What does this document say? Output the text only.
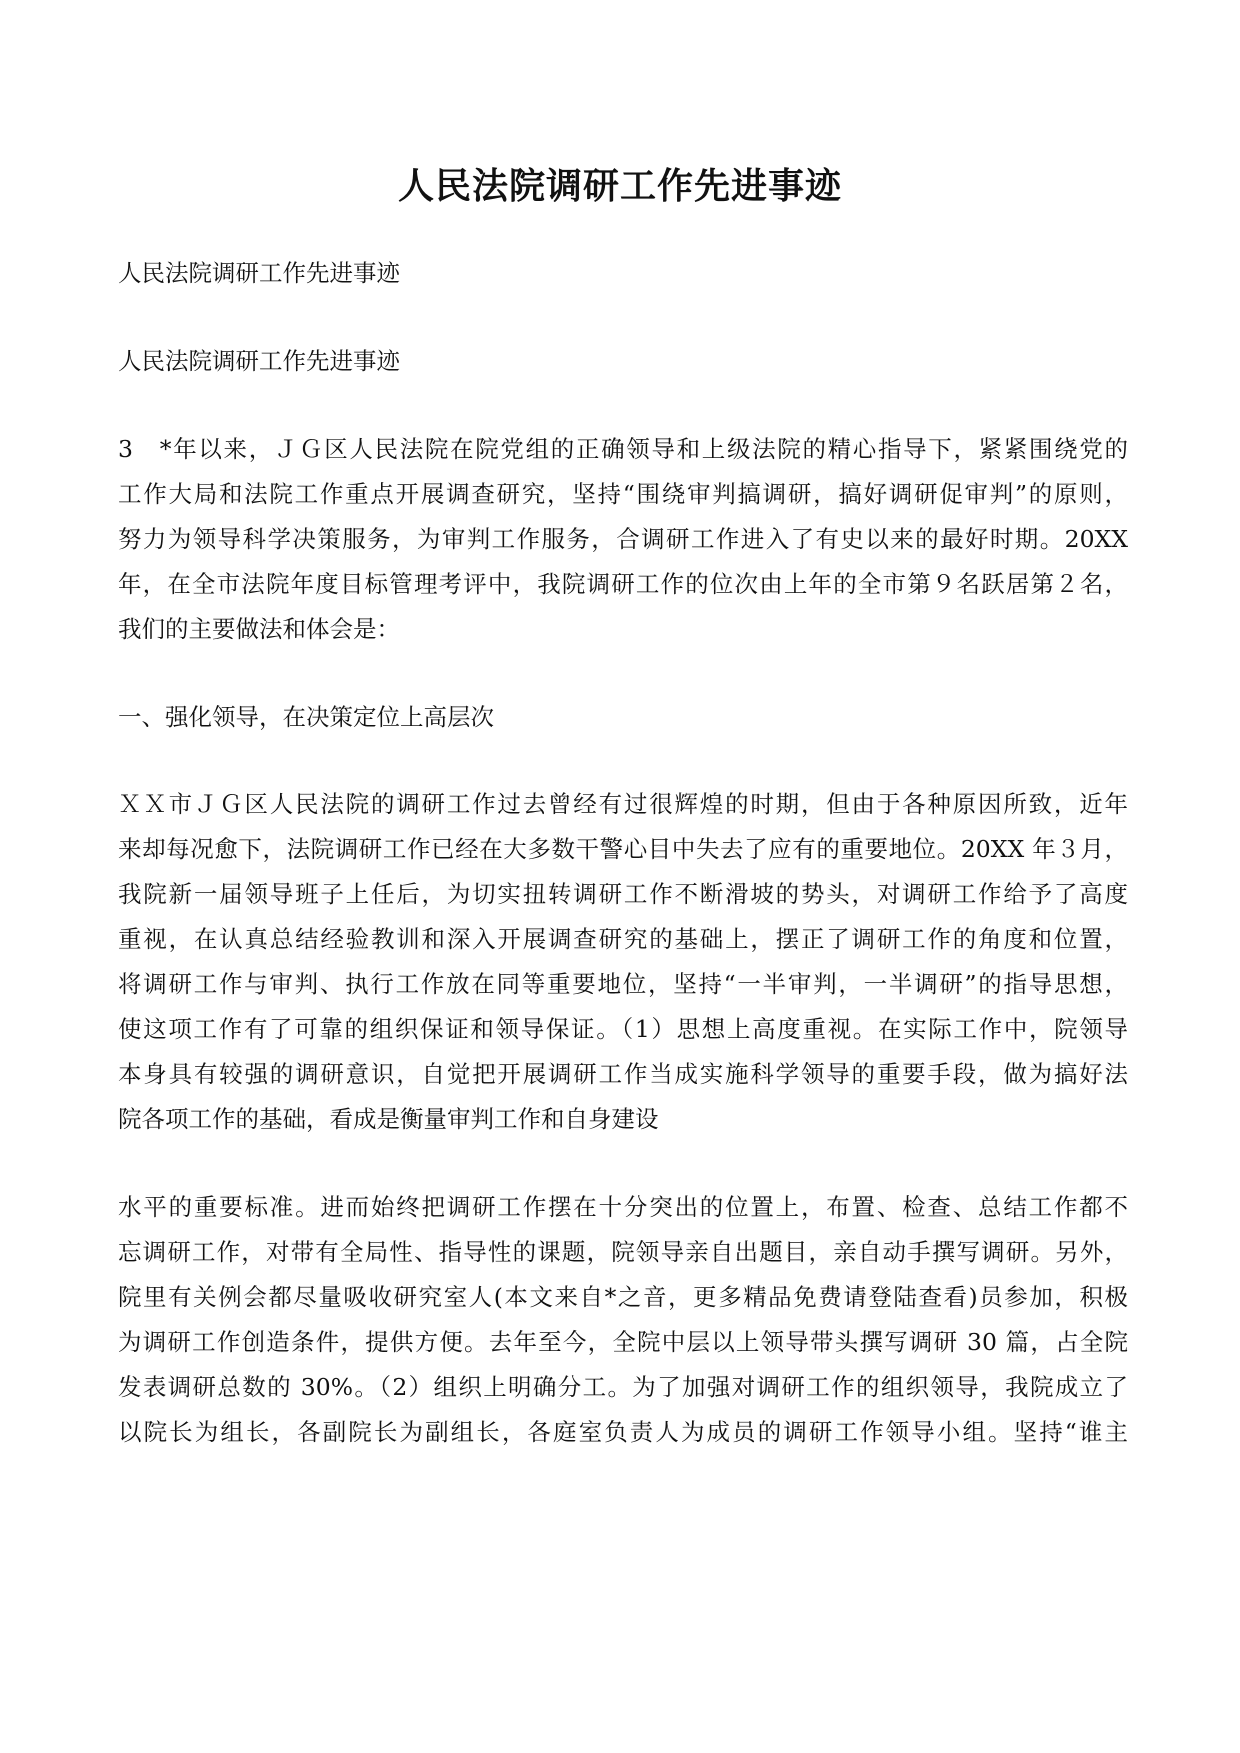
人民法院调研工作先进事迹

人民法院调研工作先进事迹

人民法院调研工作先进事迹

3　*年以来，ＪＧ区人民法院在院党组的正确领导和上级法院的精心指导下，紧紧围绕党的

工作大局和法院工作重点开展调查研究，坚持“围绕审判搞调研，搞好调研促审判”的原则，

努力为领导科学决策服务，为审判工作服务，合调研工作进入了有史以来的最好时期。20XX

年，在全市法院年度目标管理考评中，我院调研工作的位次由上年的全市第９名跃居第２名，

我们的主要做法和体会是：

一、强化领导，在决策定位上高层次

ＸＸ市ＪＧ区人民法院的调研工作过去曾经有过很辉煌的时期，但由于各种原因所致，近年

来却每况愈下，法院调研工作已经在大多数干警心目中失去了应有的重要地位。20XX 年３月，

我院新一届领导班子上任后，为切实扭转调研工作不断滑坡的势头，对调研工作给予了高度

重视，在认真总结经验教训和深入开展调查研究的基础上，摆正了调研工作的角度和位置，

将调研工作与审判、执行工作放在同等重要地位，坚持“一半审判，一半调研”的指导思想，

使这项工作有了可靠的组织保证和领导保证。（1）思想上高度重视。在实际工作中，院领导

本身具有较强的调研意识，自觉把开展调研工作当成实施科学领导的重要手段，做为搞好法

院各项工作的基础，看成是衡量审判工作和自身建设

水平的重要标准。进而始终把调研工作摆在十分突出的位置上，布置、检查、总结工作都不

忘调研工作，对带有全局性、指导性的课题，院领导亲自出题目，亲自动手撰写调研。另外，

院里有关例会都尽量吸收研究室人(本文来自*之音，更多精品免费请登陆查看)员参加，积极

为调研工作创造条件，提供方便。去年至今，全院中层以上领导带头撰写调研 30 篇，占全院

发表调研总数的 30%。（2）组织上明确分工。为了加强对调研工作的组织领导，我院成立了

以院长为组长，各副院长为副组长，各庭室负责人为成员的调研工作领导小组。坚持“谁主
